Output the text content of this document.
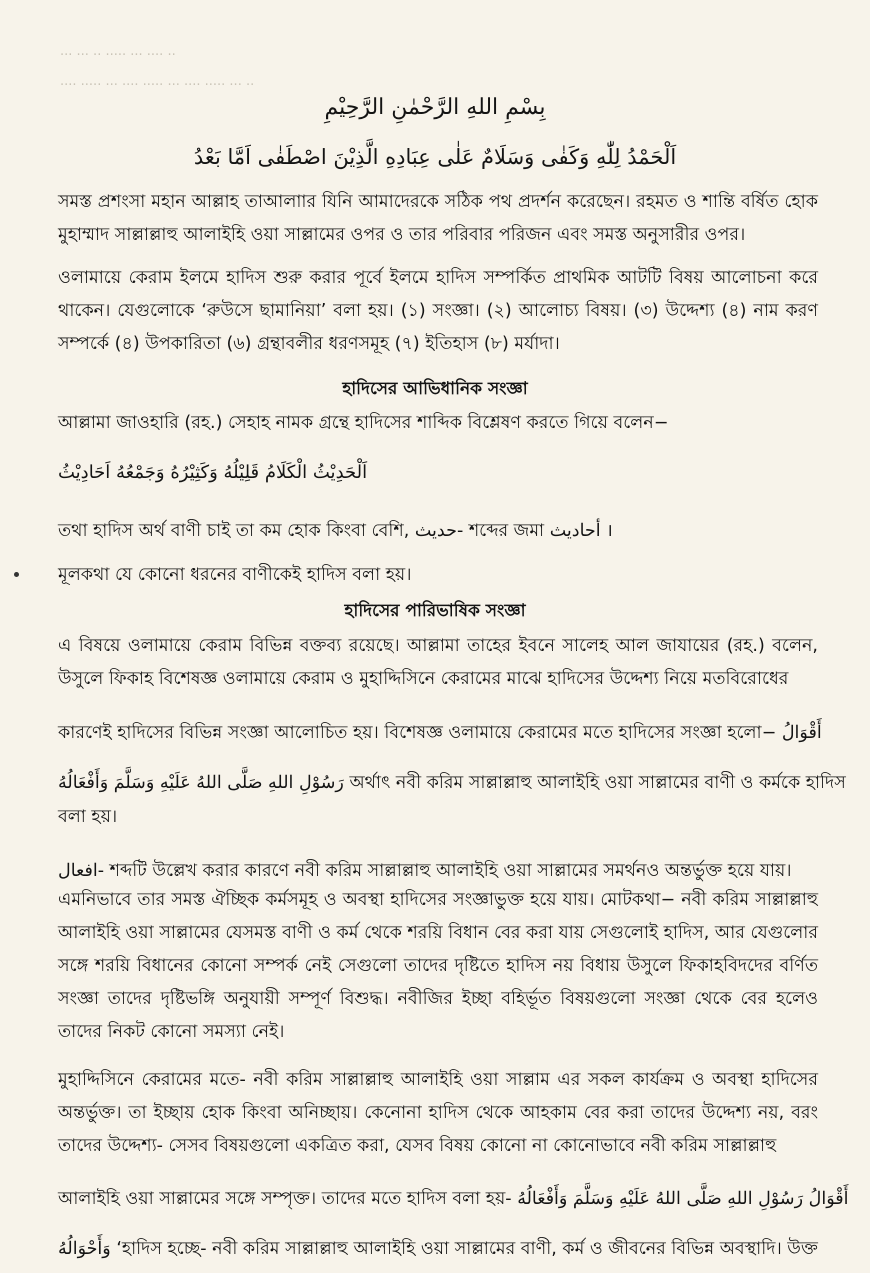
··· ··· ·· ····· ··· ···· ··
···· ····· ··· ···· ····· ··· ···· ····· ··· ··
بِسْمِ اللهِ الرَّحْمٰنِ الرَّحِيْمِ
اَلْحَمْدُ لِلّٰهِ وَكَفٰى وَسَلَامٌ عَلٰى عِبَادِهِ الَّذِيْنَ اصْطَفٰى اَمَّا بَعْدُ
সমস্ত প্রশংসা মহান আল্লাহ তাআলাার যিনি আমাদেরকে সঠিক পথ প্রদর্শন করেছেন। রহমত ও শান্তি বর্ষিত হোক মুহাম্মাদ সাল্লাল্লাহু আলাইহি ওয়া সাল্লামের ওপর ও তার পরিবার পরিজন এবং সমস্ত অনুসারীর ওপর।
ওলামায়ে কেরাম ইলমে হাদিস শুরু করার পূর্বে ইলমে হাদিস সম্পর্কিত প্রাথমিক আটটি বিষয় আলোচনা করে থাকেন। যেগুলোকে ‘রুউসে ছামানিয়া’ বলা হয়। (১) সংজ্ঞা। (২) আলোচ্য বিষয়। (৩) উদ্দেশ্য (৪) নাম করণ সম্পর্কে (৪) উপকারিতা (৬) গ্রন্থাবলীর ধরণসমূহ (৭) ইতিহাস (৮) মর্যাদা।
হাদিসের আভিধানিক সংজ্ঞা
আল্লামা জাওহারি (রহ.) সেহাহ নামক গ্রন্থে হাদিসের শাব্দিক বিশ্লেষণ করতে গিয়ে বলেন−
اَلْحَدِيْثُ الْكَلَامُ قَلِيْلُهُ وَكَثِيْرُهُ وَجَمْعُهُ اَحَادِيْثُ
তথা হাদিস অর্থ বাণী চাই তা কম হোক কিংবা বেশি, حديث- শব্দের জমা أحاديث ।
মূলকথা যে কোনো ধরনের বাণীকেই হাদিস বলা হয়।
হাদিসের পারিভাষিক সংজ্ঞা
এ বিষয়ে ওলামায়ে কেরাম বিভিন্ন বক্তব্য রয়েছে। আল্লামা তাহের ইবনে সালেহ আল জাযায়ের (রহ.) বলেন, উসুলে ফিকাহ বিশেষজ্ঞ ওলামায়ে কেরাম ও মুহাদ্দিসিনে কেরামের মাঝে হাদিসের উদ্দেশ্য নিয়ে মতবিরোধের
কারণেই হাদিসের বিভিন্ন সংজ্ঞা আলোচিত হয়। বিশেষজ্ঞ ওলামায়ে কেরামের মতে হাদিসের সংজ্ঞা হলো− أَقْوَالُ
رَسُوْلِ اللهِ صَلَّى اللهُ عَلَيْهِ وَسَلَّمَ وَأَفْعَالُهُ অর্থাৎ নবী করিম সাল্লাল্লাহু আলাইহি ওয়া সাল্লামের বাণী ও কর্মকে হাদিস
বলা হয়।
افعال- শব্দটি উল্লেখ করার কারণে নবী করিম সাল্লাল্লাহু আলাইহি ওয়া সাল্লামের সমর্থনও অন্তর্ভুক্ত হয়ে যায়।
এমনিভাবে তার সমস্ত ঐচ্ছিক কর্মসমূহ ও অবস্থা হাদিসের সংজ্ঞাভুক্ত হয়ে যায়। মোটকথা− নবী করিম সাল্লাল্লাহু আলাইহি ওয়া সাল্লামের যেসমস্ত বাণী ও কর্ম থেকে শরয়ি বিধান বের করা যায় সেগুলোই হাদিস, আর যেগুলোর সঙ্গে শরয়ি বিধানের কোনো সম্পর্ক নেই সেগুলো তাদের দৃষ্টিতে হাদিস নয় বিধায় উসুলে ফিকাহবিদদের বর্ণিত সংজ্ঞা তাদের দৃষ্টিভঙ্গি অনুযায়ী সম্পূর্ণ বিশুদ্ধ। নবীজির ইচ্ছা বহির্ভূত বিষয়গুলো সংজ্ঞা থেকে বের হলেও তাদের নিকট কোনো সমস্যা নেই।
মুহাদ্দিসিনে কেরামের মতে- নবী করিম সাল্লাল্লাহু আলাইহি ওয়া সাল্লাম এর সকল কার্যক্রম ও অবস্থা হাদিসের অন্তর্ভুক্ত। তা ইচ্ছায় হোক কিংবা অনিচ্ছায়। কেনোনা হাদিস থেকে আহকাম বের করা তাদের উদ্দেশ্য নয়, বরং তাদের উদ্দেশ্য- সেসব বিষয়গুলো একত্রিত করা, যেসব বিষয় কোনো না কোনোভাবে নবী করিম সাল্লাল্লাহু
আলাইহি ওয়া সাল্লামের সঙ্গে সম্পৃক্ত। তাদের মতে হাদিস বলা হয়- أَقْوَالُ رَسُوْلِ اللهِ صَلَّى اللهُ عَلَيْهِ وَسَلَّمَ وَأَفْعَالُهُ
وَأَحْوَالُهُ ‘হাদিস হচ্ছে- নবী করিম সাল্লাল্লাহু আলাইহি ওয়া সাল্লামের বাণী, কর্ম ও জীবনের বিভিন্ন অবস্থাদি। উক্ত
